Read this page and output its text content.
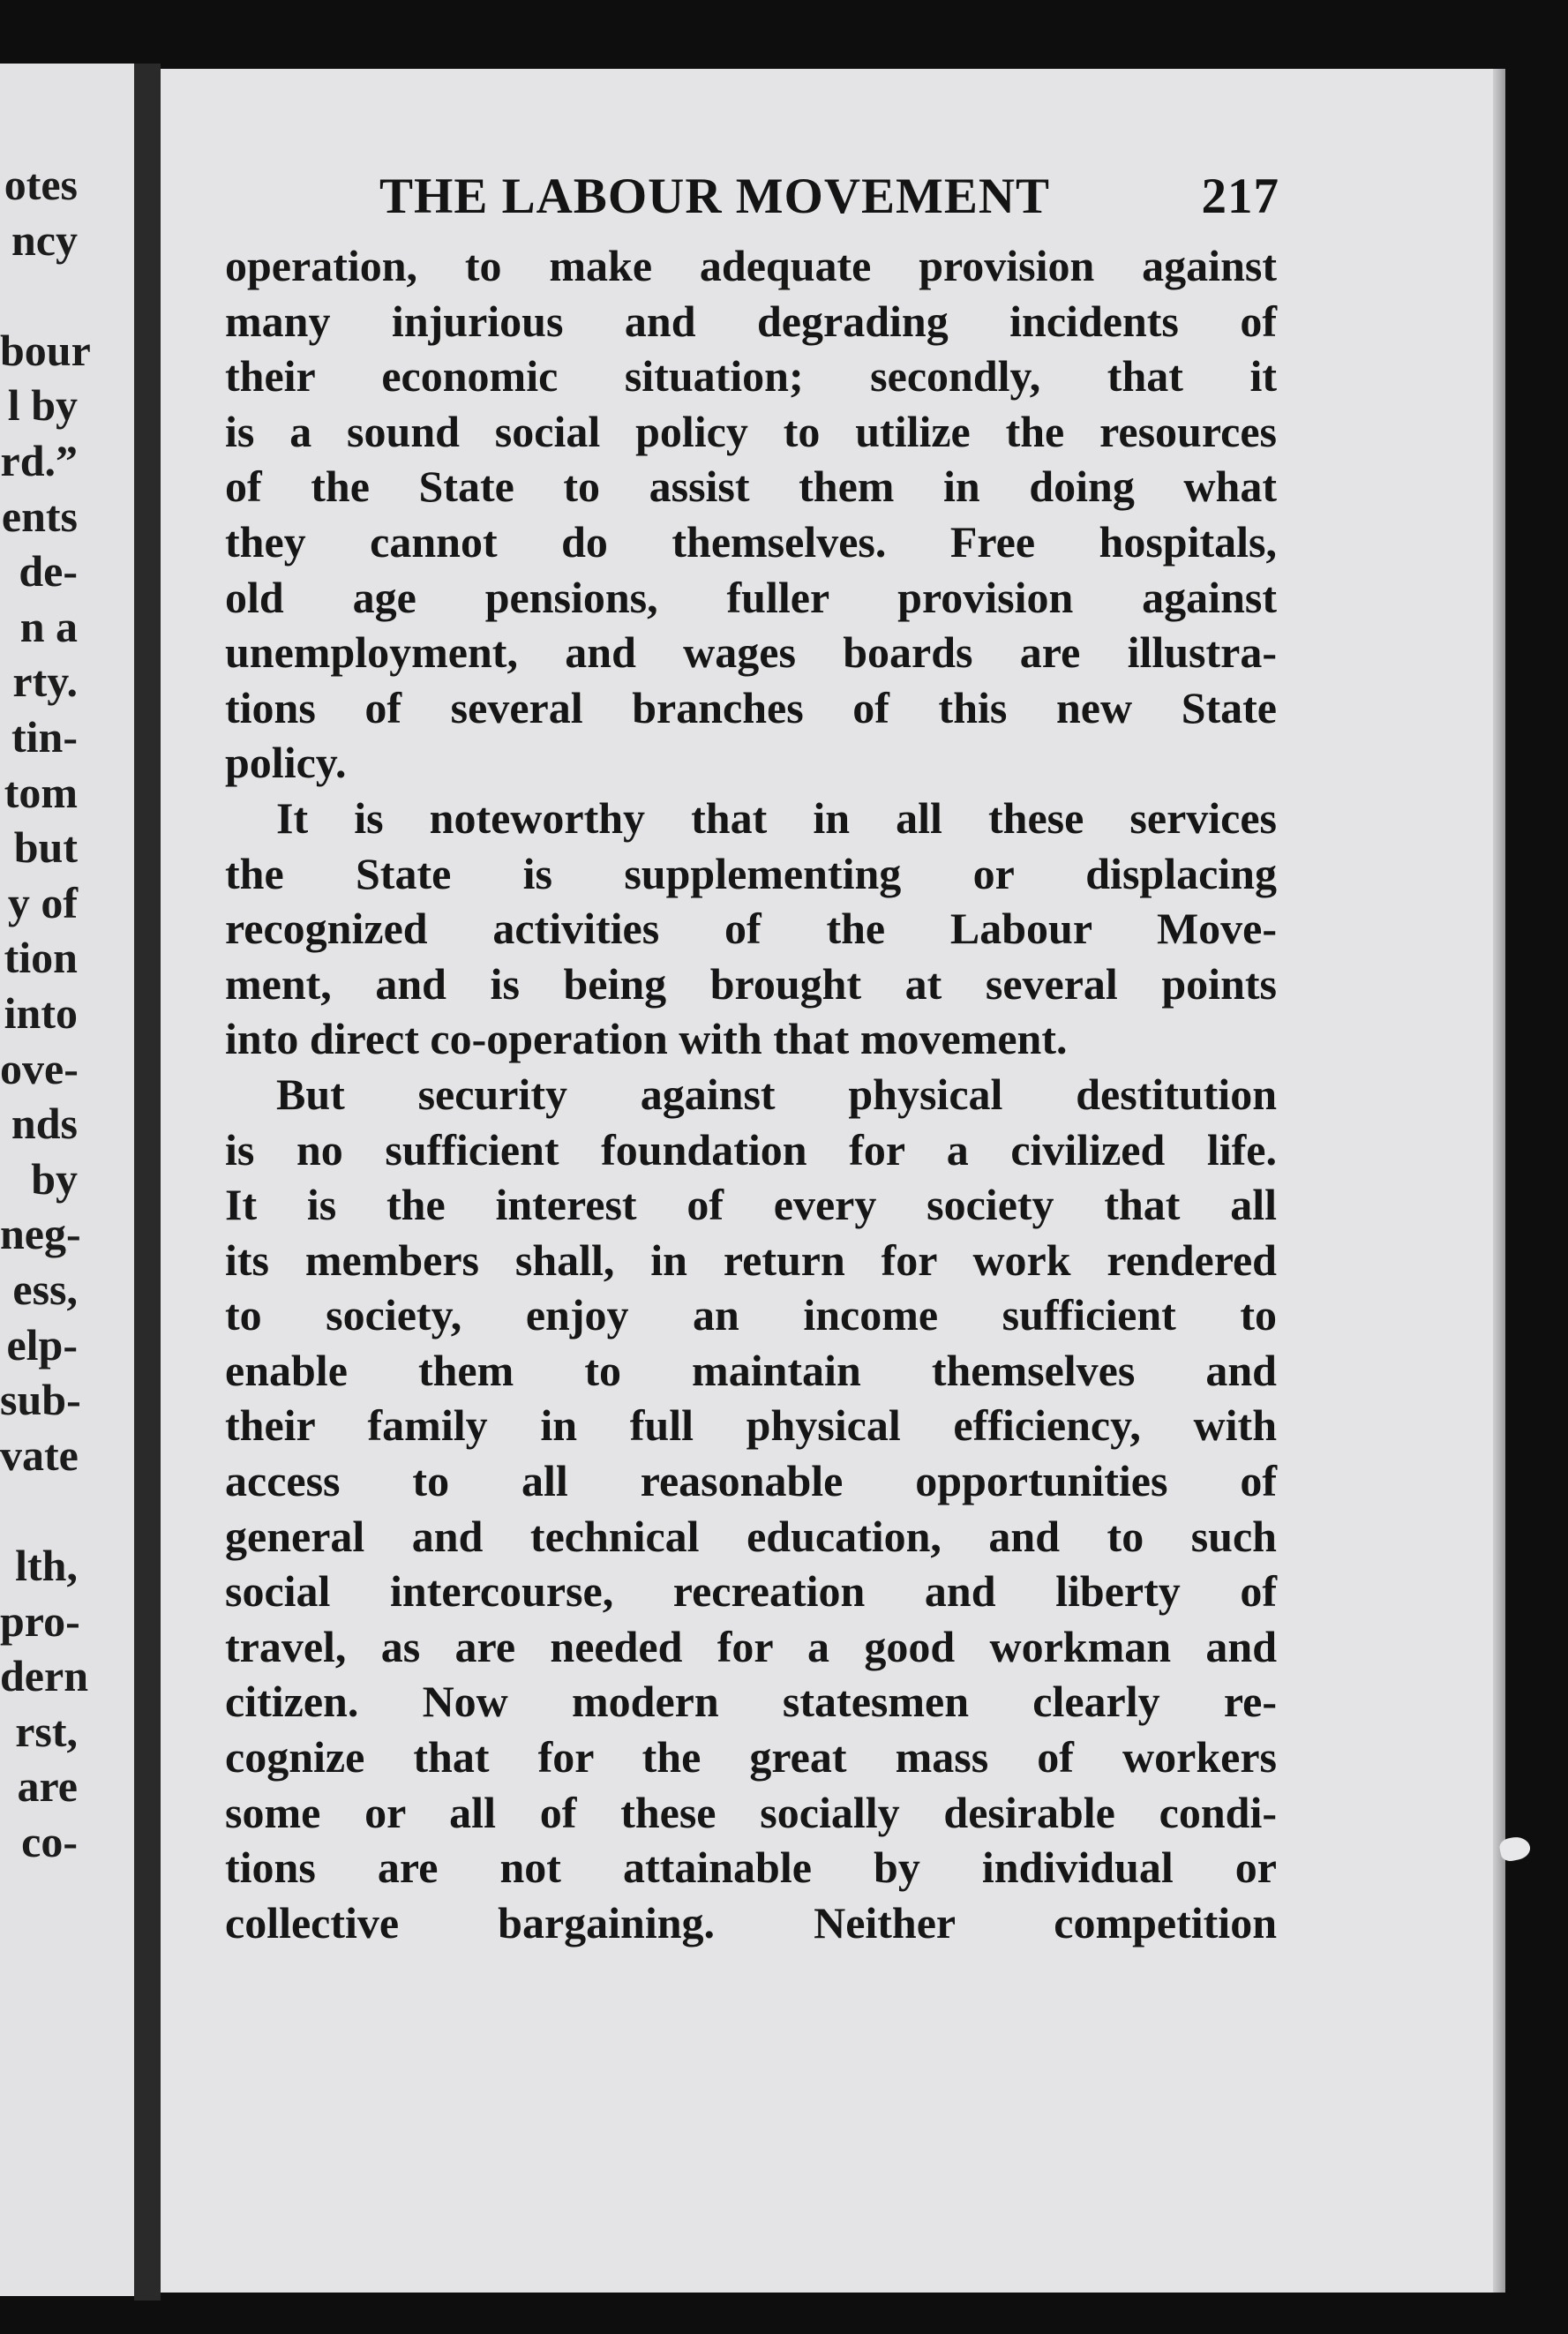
otes
ncy
bour
l by
rd.”
ents
de-
n a
rty.
tin-
tom
but
y of
tion
into
ove-
nds
by
neg-
ess,
elp-
sub-
vate
lth,
pro-
dern
rst,
are
co-
THE LABOUR MOVEMENT	217

operation, to make adequate provision against
many injurious and degrading incidents of
their economic situation; secondly, that it
is a sound social policy to utilize the resources
of the State to assist them in doing what
they cannot do themselves. Free hospitals,
old age pensions, fuller provision against
unemployment, and wages boards are illustra-
tions of several branches of this new State
policy.

It is noteworthy that in all these services
the State is supplementing or displacing
recognized activities of the Labour Move-
ment, and is being brought at several points
into direct co-operation with that movement.

But security against physical destitution
is no sufficient foundation for a civilized life.
It is the interest of every society that all
its members shall, in return for work rendered
to society, enjoy an income sufficient to
enable them to maintain themselves and
their family in full physical efficiency, with
access to all reasonable opportunities of
general and technical education, and to such
social intercourse, recreation and liberty of
travel, as are needed for a good workman and
citizen. Now modern statesmen clearly re-
cognize that for the great mass of workers
some or all of these socially desirable condi-
tions are not attainable by individual or
collective bargaining. Neither competition
